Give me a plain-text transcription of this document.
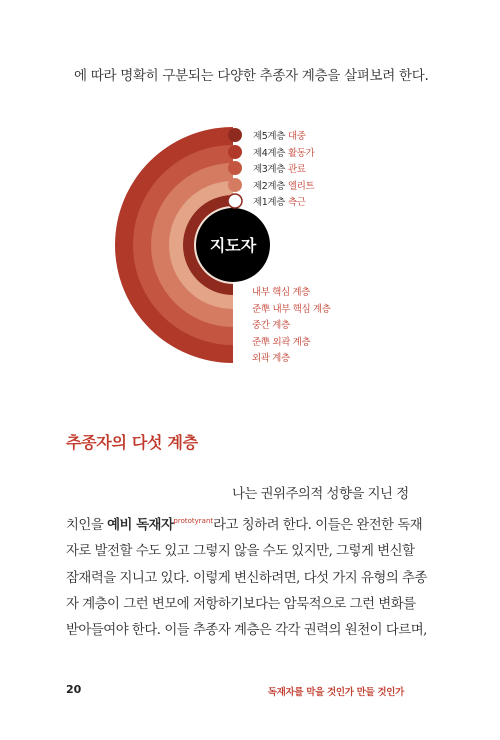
에 따라 명확히 구분되는 다양한 추종자 계층을 살펴보려 한다.

지도자
제5계층 대중
제4계층 활동가
제3계층 관료
제2계층 엘리트
제1계층 측근
내부 핵심 계층
준準 내부 핵심 계층
중간 계층
준準 외곽 계층
외곽 계층
추종자의 다섯 계층
나는 권위주의적 성향을 지닌 정
치인을 예비 독재자$^{prototyrant}$라고 칭하려 한다. 이들은 완전한 독재
자로 발전할 수도 있고 그렇지 않을 수도 있지만, 그렇게 변신할
잠재력을 지니고 있다. 이렇게 변신하려면, 다섯 가지 유형의 추종
자 계층이 그런 변모에 저항하기보다는 암묵적으로 그런 변화를
받아들여야 한다. 이들 추종자 계층은 각각 권력의 원천이 다르며,
20	독재자를 막을 것인가 만들 것인가
